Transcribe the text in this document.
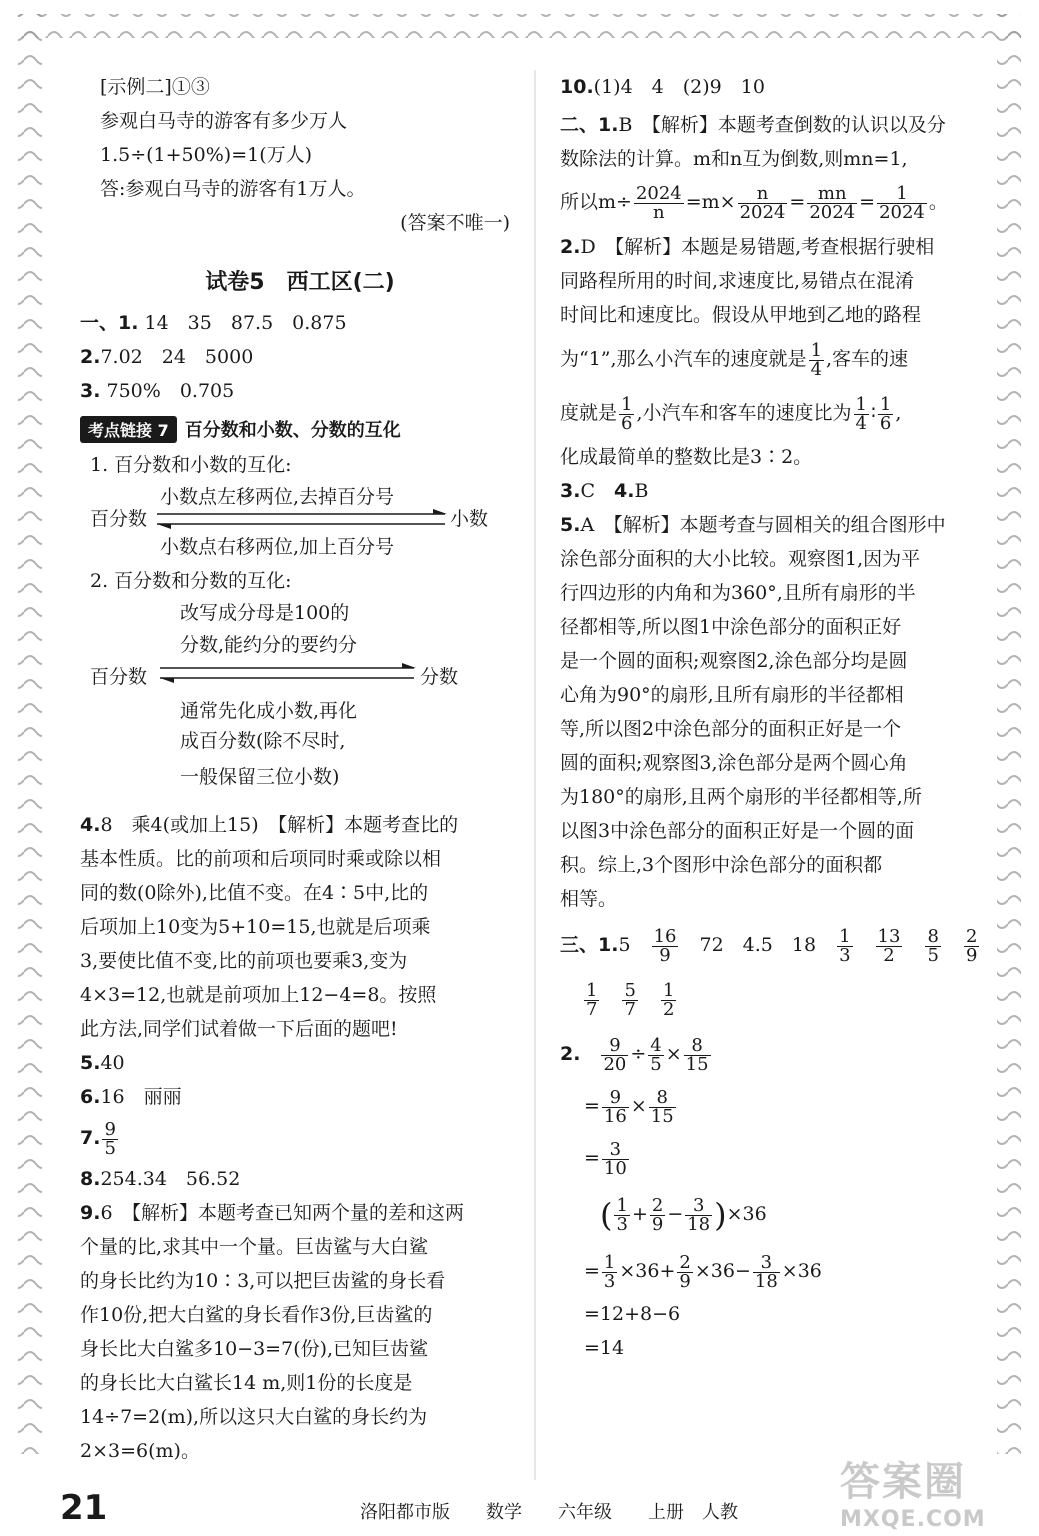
[示例二]①③
参观白马寺的游客有多少万人
1.5÷(1+50%)=1(万人)
答:参观白马寺的游客有1万人。
(答案不唯一)
试卷5　西工区(二)
一、1. 14　35　87.5　0.875
2.7.02　24　5000
3. 750%　0.705
考点链接 7 百分数和小数、分数的互化
1. 百分数和小数的互化:
百分数
小数点左移两位,去掉百分号
小数
小数点右移两位,加上百分号
2. 百分数和分数的互化:
改写成分母是100的
分数,能约分的要约分
百分数	分数
通常先化成小数,再化
成百分数(除不尽时,
一般保留三位小数)
4.8　乘4(或加上15)　【解析】本题考查比的
基本性质。比的前项和后项同时乘或除以相
同的数(0除外),比值不变。在4∶5中,比的
后项加上10变为5+10=15,也就是后项乘
3,要使比值不变,比的前项也要乘3,变为
4×3=12,也就是前项加上12−4=8。按照
此方法,同学们试着做一下后面的题吧!
5.40
6.16　丽丽
7. $\frac{9}{5}$
8.254.34　56.52
9.6　【解析】本题考查已知两个量的差和这两
个量的比,求其中一个量。巨齿鲨与大白鲨
的身长比约为10∶3,可以把巨齿鲨的身长看
作10份,把大白鲨的身长看作3份,巨齿鲨的
身长比大白鲨多10−3=7(份),已知巨齿鲨
的身长比大白鲨长14 m,则1份的长度是
14÷7=2(m),所以这只大白鲨的身长约为
2×3=6(m)。
10.(1)4　4　(2)9　10
二、1.B　【解析】本题考查倒数的认识以及分
数除法的计算。m和n互为倒数,则mn=1,
所以$m\div \frac{2024}{n} =m\times \frac{n}{2024} = \frac{mn}{2024} = \frac{1}{2024}$ 。
2.D　【解析】本题是易错题,考查根据行驶相
同路程所用的时间,求速度比,易错点在混淆
时间比和速度比。假设从甲地到乙地的路程
为“1”,那么小汽车的速度就是 $\frac{1}{4}$ ,客车的速
度就是 $\frac{1}{6}$ ,小汽车和客车的速度比为 $\frac{1}{4}$ ∶ $\frac{1}{6}$ ,
化成最简单的整数比是3∶2。
3.C　 4.B
5.A　【解析】本题考查与圆相关的组合图形中
涂色部分面积的大小比较。观察图1,因为平
行四边形的内角和为360°,且所有扇形的半
径都相等,所以图1中涂色部分的面积正好
是一个圆的面积;观察图2,涂色部分均是圆
心角为90°的扇形,且所有扇形的半径都相
等,所以图2中涂色部分的面积正好是一个
圆的面积;观察图3,涂色部分是两个圆心角
为180°的扇形,且两个扇形的半径都相等,所
以图3中涂色部分的面积正好是一个圆的面
积。综上,3个图形中涂色部分的面积都
相等。
三、1.5　 $\frac{16}{9}$
　 72　4.5　18　 $\frac{1}{3}$
　 $\frac{13}{2}$
　 $\frac{8}{5}$
　 $\frac{2}{9}$
$\frac{1}{7}$
　 $\frac{5}{7}$
　 $\frac{1}{2}$
2.　 $\frac{9}{20} \div \frac{4}{5} \times \frac{8}{15}$
= $\frac{9}{16} \times \frac{8}{15}$
= $\frac{3}{10}$
( $\frac{1}{3} + \frac{2}{9} - \frac{3}{18} )\times 36$
= $\frac{1}{3} \times 36+ \frac{2}{9} \times 36- \frac{3}{18} \times 36$
=12+8−6
=14
21	洛阳都市版　　 数学　　 六年级　　 上册　 人教
答案圈
MXQE.COM
